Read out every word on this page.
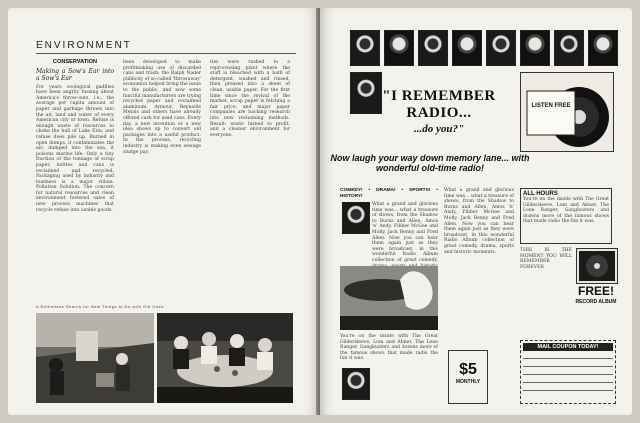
ENVIRONMENT
CONSERVATION
Making a Sow's Ear into a Sow's Ear
For years ecological gadflies have been angrily fussing about America's throw-outs, i.e., the average per capita amount of paper and garbage thrown into the air, land and water of every American city or town. Refuse is enough waste of resources to choke the hull of Lake Erie, and refuse does pile up. Burned in open dumps, it contaminates the air; dumped into the sea, it poisons marine life. Only a tiny fraction of the tonnage of scrap paper, bottles and cans is reclaimed and recycled. Packaging used by industry and business is a major villain. Pollution Solution. The concern for natural resources and clean environment fostered sales of new process machines that recycle refuse into usable goods.
been developed to make profitmaking use of discarded cans and trash; the Ralph Nader publicity of so-called 'throwaway' economics helped bring the issue to the public, and now some fanciful manufacturers are trying recycled paper and reclaimed aluminum. Armour, Reynolds Metals and others have already offered cash for used cans. Every day, a new invention or a new idea shows up to convert old packages into a useful product. In the process, recycling industry is making even sewage sludge pay.
ties were rushed to a reprocessing plant where the stuff is bleached with a bath of detergent, washed and rinsed, then pressed into a sheet of clean, usable paper. For the first time since the revival of the market, scrap paper is fetching a fair price, and major paper companies are backing research into new reclaiming methods. Result: waste turned to profit, and a cleaner environment for everyone.
A Relentless Search for New Things to Do with Old Ones
"I REMEMBER RADIO...
...do you?"
LISTEN FREE
Now laugh your way down memory lane... with wonderful old-time radio!
COMEDY! • DRAMA! • SPORTS! • HISTORY!
What a grand and glorious time was... what a treasure of shows, from the Shadow to Burns and Allen, Amos 'n' Andy, Fibber McGee and Molly, Jack Benny and Fred Allen. Now you can hear them again just as they were broadcast, in this wonderful Radio Album collection of great comedy,
You're on the inside with The Great Gildersleeve, Lum and Abner, The Lone Ranger, Gangbusters and dozens more of the famous shows that made radio the fun it was.
What a grand and glorious time was... what a treasure of shows, from the Shadow to Burns and Allen, Amos 'n' Andy, Fibber McGee and Molly, Jack Benny and Fred Allen. Now you can hear them again just as they were broadcast, in this wonderful Radio Album collection of great comedy, drama, sports and historic moments.
$5
MONTHLY
ALL HOURS
You're on the inside with The Great Gildersleeve, Lum and Abner, The Lone Ranger, Gangbusters and dozens more of the famous shows that made radio the fun it was.
THIS IS THE MOMENT YOU WILL REMEMBER FOREVER
FREE!
RECORD ALBUM
MAIL COUPON TODAY!
